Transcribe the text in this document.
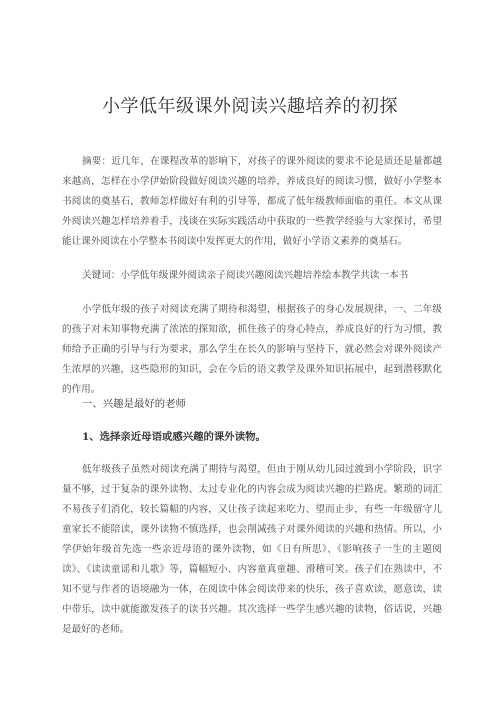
小学低年级课外阅读兴趣培养的初探

摘要：近几年，在课程改革的影响下，对孩子的课外阅读的要求不论是质还是量都越来越高，怎样在小学伊始阶段做好阅读兴趣的培养，养成良好的阅读习惯，做好小学整本书阅读的奠基石，教师怎样做好有利的引导等，都成了低年级教师面临的重任。本文从课外阅读兴趣怎样培养着手，浅谈在实际实践活动中获取的一些教学经验与大家探讨，希望能让课外阅读在小学整本书阅读中发挥更大的作用，做好小学语文素养的奠基石。

关键词：小学低年级课外阅读亲子阅读兴趣阅读兴趣培养绘本教学共读一本书

小学低年级的孩子对阅读充满了期待和渴望，根据孩子的身心发展规律，一、二年级的孩子对未知事物充满了浓浓的探知欲，抓住孩子的身心特点，养成良好的行为习惯，教师给予正确的引导与行为要求，那么学生在长久的影响与坚持下，就必然会对课外阅读产生浓厚的兴趣，这些隐形的知识，会在今后的语文教学及课外知识拓展中，起到潜移默化的作用。

一、兴趣是最好的老师

1、选择亲近母语或感兴趣的课外读物。

低年级孩子虽然对阅读充满了期待与渴望，但由于刚从幼儿园过渡到小学阶段，识字量不够，过于复杂的课外读物、太过专业化的内容会成为阅读兴趣的拦路虎。繁琐的词汇不易孩子们消化，较长篇幅的内容，又让孩子读起来吃力、望而止步，有些一年级留守儿童家长不能陪读，课外读物不慎选择，也会削减孩子对课外阅读的兴趣和热情。所以，小学伊始年级首先选一些亲近母语的课外读物，如《日有所思》、《影响孩子一生的主题阅读》、《读读童谣和儿歌》等，篇幅短小、内容童真童趣、滑稽可笑。孩子们在熟读中，不知不觉与作者的语境融为一体，在阅读中体会阅读带来的快乐，孩子喜欢读，愿意读，读中带乐，读中就能激发孩子的读书兴趣。其次选择一些学生感兴趣的读物，俗话说，兴趣是最好的老师。
